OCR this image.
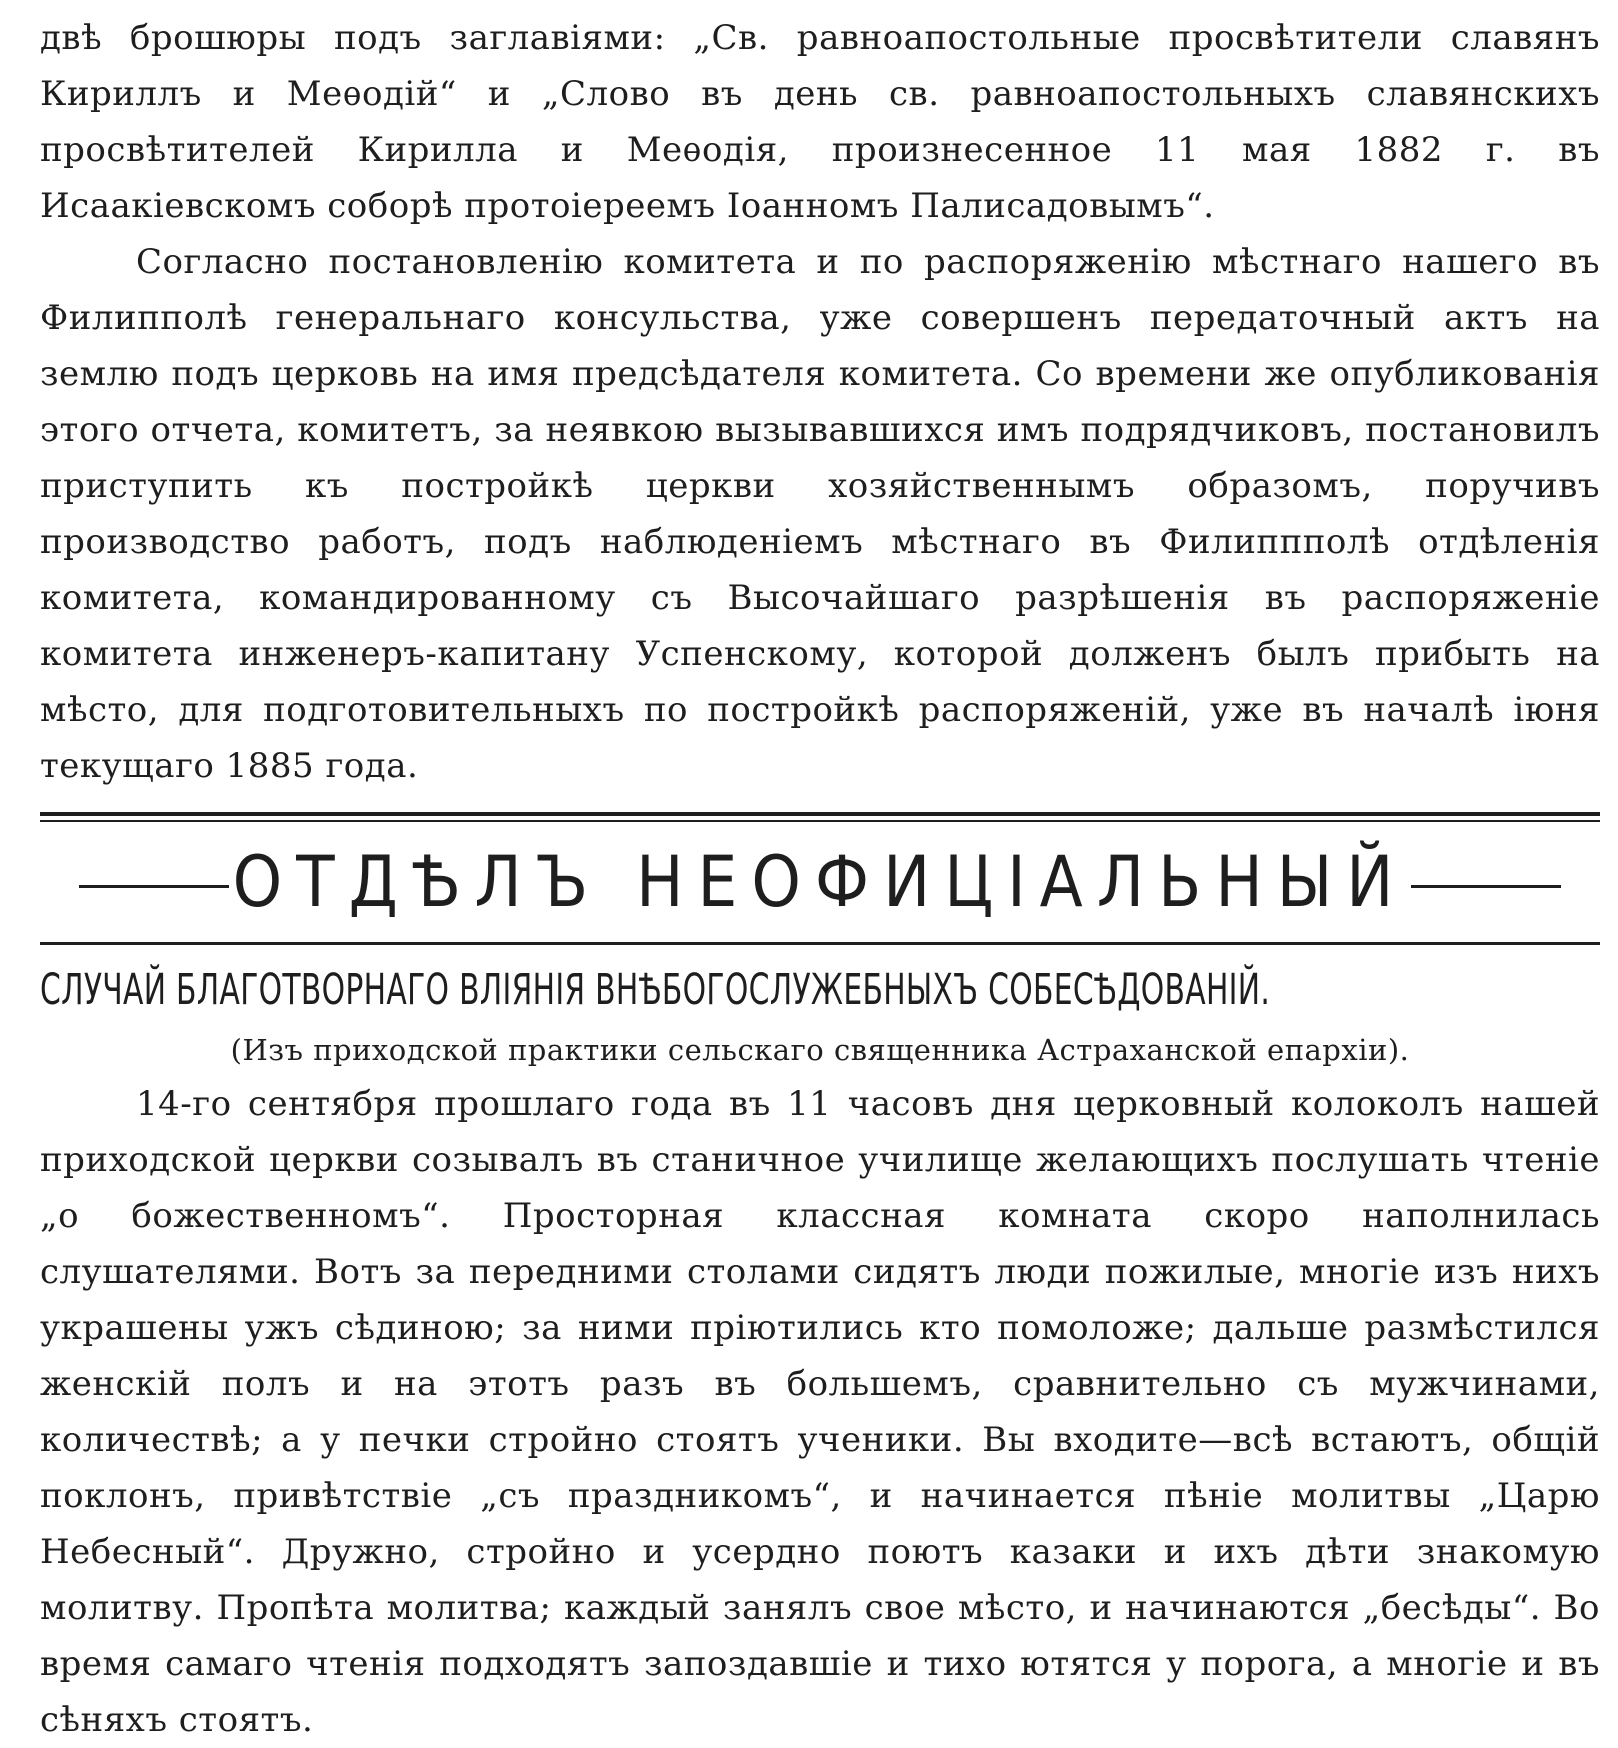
двѣ брошюры подъ заглавіями: „Св. равноапостольные просвѣтители славянъ Кириллъ и Меѳодій“ и „Слово въ день св. равноапостольныхъ славянскихъ просвѣтителей Кирилла и Меѳодія, произнесенное 11 мая 1882 г. въ Исаакіевскомъ соборѣ протоіереемъ Іоанномъ Палисадовымъ“.

Согласно постановленію комитета и по распоряженію мѣстнаго нашего въ Филипполѣ генеральнаго консульства, уже совершенъ передаточный актъ на землю подъ церковь на имя предсѣдателя комитета. Со времени же опубликованія этого отчета, комитетъ, за неявкою вызывавшихся имъ подрядчиковъ, постановилъ приступить къ постройкѣ церкви хозяйственнымъ образомъ, поручивъ производство работъ, подъ наблюденіемъ мѣстнаго въ Филиппполѣ отдѣленія комитета, командированному съ Высочайшаго разрѣшенія въ распоряженіе комитета инженеръ-капитану Успенскому, которой долженъ былъ прибыть на мѣсто, для подготовительныхъ по постройкѣ распоряженій, уже въ началѣ іюня текущаго 1885 года.

ОТДѢЛЪ НЕОФИЦІАЛЬНЫЙ
СЛУЧАЙ БЛАГОТВОРНАГО ВЛІЯНІЯ ВНѢБОГОСЛУЖЕБНЫХЪ СОБЕСѢДОВАНІЙ.
(Изъ приходской практики сельскаго священника Астраханской епархіи).

14-го сентября прошлаго года въ 11 часовъ дня церковный колоколъ нашей приходской церкви созывалъ въ станичное училище желающихъ послушать чтеніе „о божественномъ“. Просторная классная комната скоро наполнилась слушателями. Вотъ за передними столами сидятъ люди пожилые, многіе изъ нихъ украшены ужъ сѣдиною; за ними пріютились кто помоложе; дальше размѣстился женскій полъ и на этотъ разъ въ большемъ, сравнительно съ мужчинами, количествѣ; а у печки стройно стоятъ ученики. Вы входите—всѣ встаютъ, общій поклонъ, привѣтствіе „съ праздникомъ“, и начинается пѣніе молитвы „Царю Небесный“. Дружно, стройно и усердно поютъ казаки и ихъ дѣти знакомую молитву. Пропѣта молитва; каждый занялъ свое мѣсто, и начинаются „бесѣды“. Во время самаго чтенія подходятъ запоздавшіе и тихо ютятся у порога, а многіе и въ сѣняхъ стоятъ.
